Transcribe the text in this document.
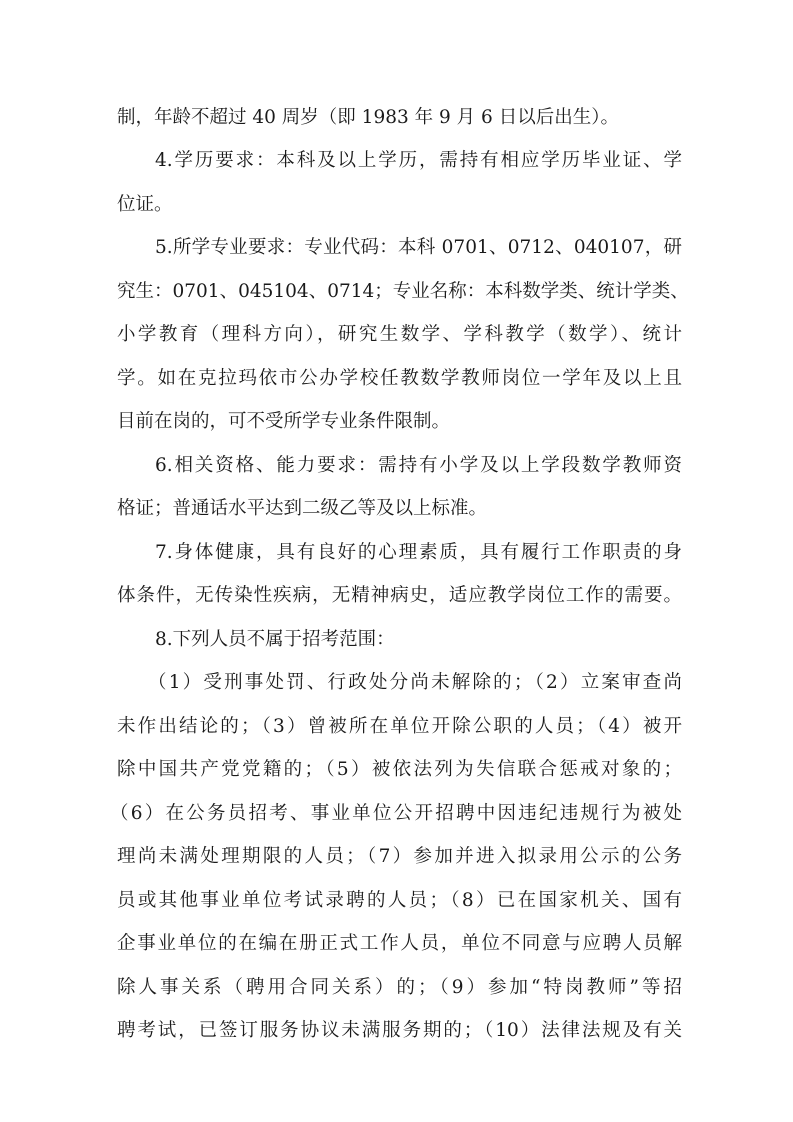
制，年龄不超过 40 周岁（即 1983 年 9 月 6 日以后出生）。
4.学历要求：本科及以上学历，需持有相应学历毕业证、学
位证。
5.所学专业要求：专业代码：本科 0701、0712、040107，研
究生：0701、045104、0714；专业名称：本科数学类、统计学类、
小学教育（理科方向），研究生数学、学科教学（数学）、统计
学。如在克拉玛依市公办学校任教数学教师岗位一学年及以上且
目前在岗的，可不受所学专业条件限制。
6.相关资格、能力要求：需持有小学及以上学段数学教师资
格证；普通话水平达到二级乙等及以上标准。
7.身体健康，具有良好的心理素质，具有履行工作职责的身
体条件，无传染性疾病，无精神病史，适应教学岗位工作的需要。
8.下列人员不属于招考范围：
（1）受刑事处罚、行政处分尚未解除的；（2）立案审查尚
未作出结论的；（3）曾被所在单位开除公职的人员；（4）被开
除中国共产党党籍的；（5）被依法列为失信联合惩戒对象的；
（6）在公务员招考、事业单位公开招聘中因违纪违规行为被处
理尚未满处理期限的人员；（7）参加并进入拟录用公示的公务
员或其他事业单位考试录聘的人员；（8）已在国家机关、国有
企事业单位的在编在册正式工作人员，单位不同意与应聘人员解
除人事关系（聘用合同关系）的；（9）参加“特岗教师”等招
聘考试，已签订服务协议未满服务期的；（10）法律法规及有关
